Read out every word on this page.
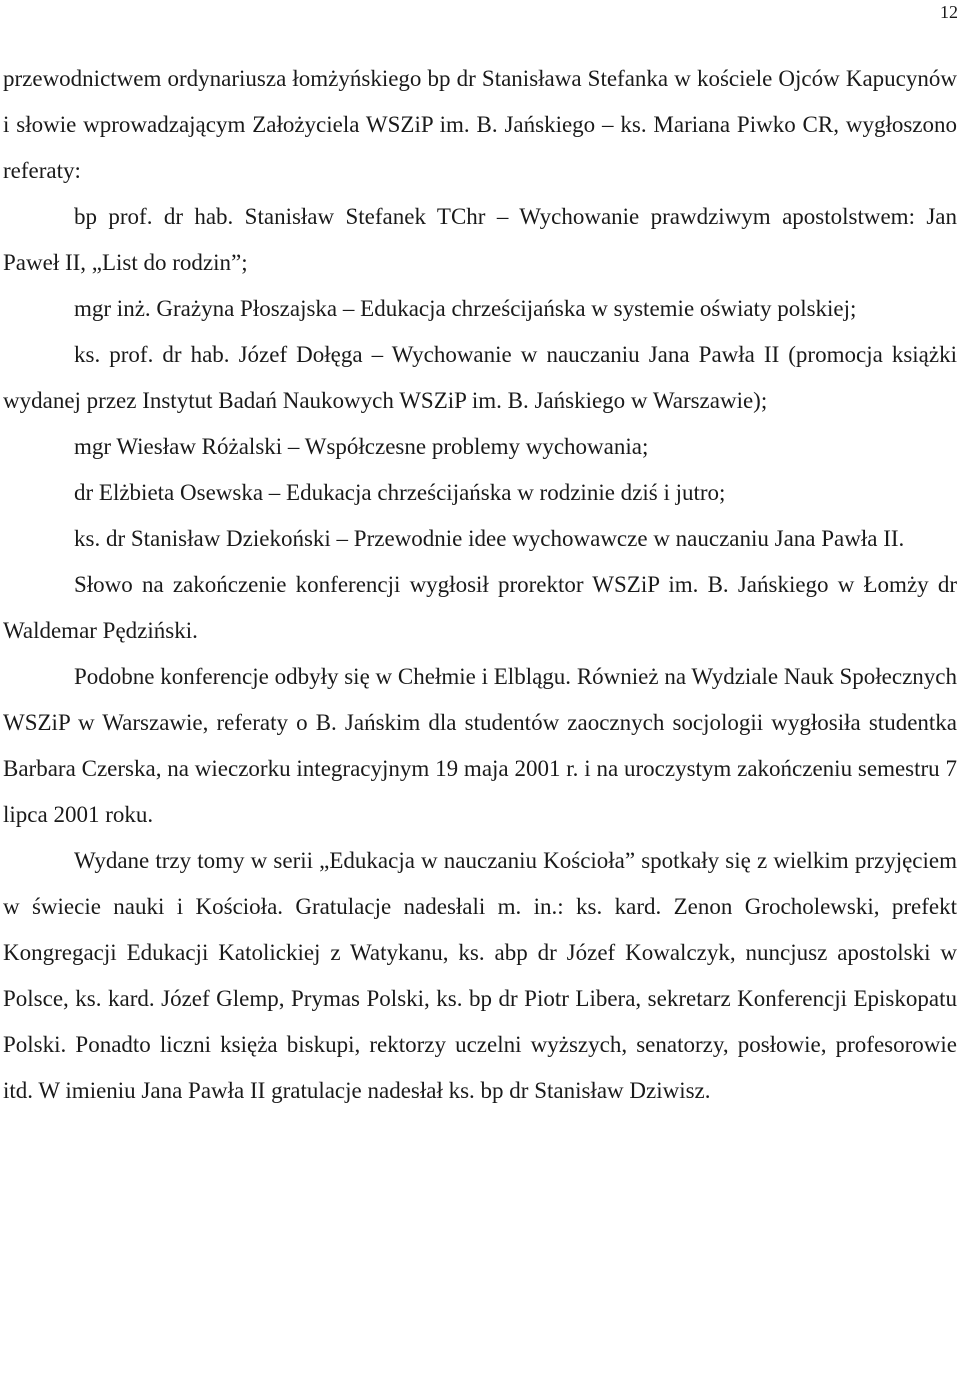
12

przewodnictwem ordynariusza łomżyńskiego bp dr Stanisława Stefanka w kościele Ojców Kapucynów i słowie wprowadzającym Założyciela WSZiP im. B. Jańskiego – ks. Mariana Piwko CR, wygłoszono referaty:

bp prof. dr hab. Stanisław Stefanek TChr – Wychowanie prawdziwym apostolstwem: Jan Paweł II, „List do rodzin”;

mgr inż. Grażyna Płoszajska – Edukacja chrześcijańska w systemie oświaty polskiej;

ks. prof. dr hab. Józef Dołęga – Wychowanie w nauczaniu Jana Pawła II (promocja książki wydanej przez Instytut Badań Naukowych WSZiP im. B. Jańskiego w Warszawie);

mgr Wiesław Różalski – Współczesne problemy wychowania;

dr Elżbieta Osewska – Edukacja chrześcijańska w rodzinie dziś i jutro;

ks. dr Stanisław Dziekoński – Przewodnie idee wychowawcze w nauczaniu Jana Pawła II.

Słowo na zakończenie konferencji wygłosił prorektor WSZiP im. B. Jańskiego w Łomży dr Waldemar Pędziński.

Podobne konferencje odbyły się w Chełmie i Elblągu. Również na Wydziale Nauk Społecznych WSZiP w Warszawie, referaty o B. Jańskim dla studentów zaocznych socjologii wygłosiła studentka Barbara Czerska, na wieczorku integracyjnym 19 maja 2001 r. i na uroczystym zakończeniu semestru 7 lipca 2001 roku.

Wydane trzy tomy w serii „Edukacja w nauczaniu Kościoła” spotkały się z wielkim przyjęciem w świecie nauki i Kościoła. Gratulacje nadesłali m. in.: ks. kard. Zenon Grocholewski, prefekt Kongregacji Edukacji Katolickiej z Watykanu, ks. abp dr Józef Kowalczyk, nuncjusz apostolski w Polsce, ks. kard. Józef Glemp, Prymas Polski, ks. bp dr Piotr Libera, sekretarz Konferencji Episkopatu Polski. Ponadto liczni księża biskupi, rektorzy uczelni wyższych, senatorzy, posłowie, profesorowie itd. W imieniu Jana Pawła II gratulacje nadesłał ks. bp dr Stanisław Dziwisz.
